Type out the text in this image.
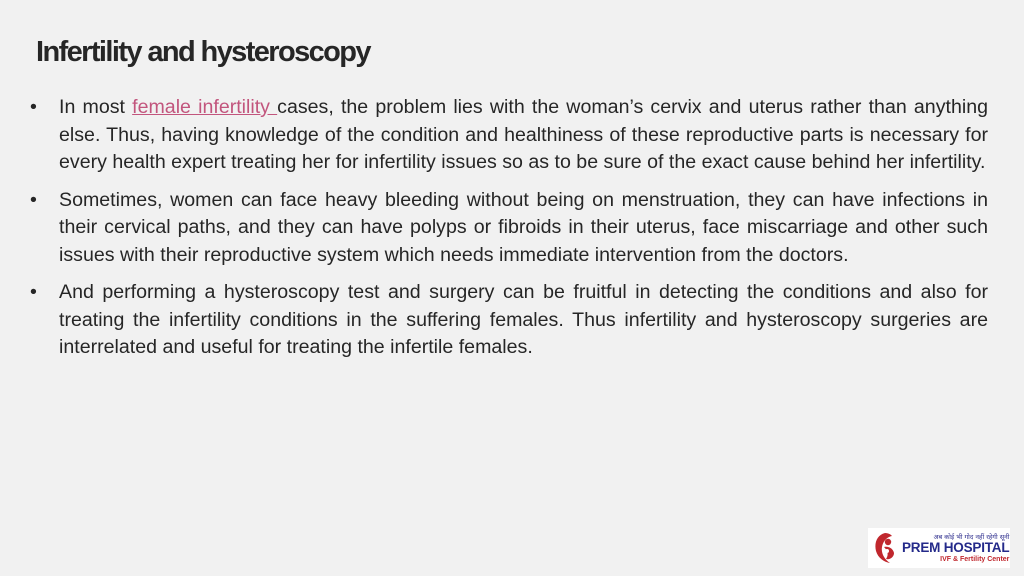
Infertility and hysteroscopy
• In most female infertility cases, the problem lies with the woman’s cervix and uterus rather than anything else. Thus, having knowledge of the condition and healthiness of these reproductive parts is necessary for every health expert treating her for infertility issues so as to be sure of the exact cause behind her infertility.
• Sometimes, women can face heavy bleeding without being on menstruation, they can have infections in their cervical paths, and they can have polyps or fibroids in their uterus, face miscarriage and other such issues with their reproductive system which needs immediate intervention from the doctors.
• And performing a hysteroscopy test and surgery can be fruitful in detecting the conditions and also for treating the infertility conditions in the suffering females. Thus infertility and hysteroscopy surgeries are interrelated and useful for treating the infertile females.
अब कोई भी गोद नहीं रहेगी सूनी
PREM HOSPITAL
IVF & Fertility Center
